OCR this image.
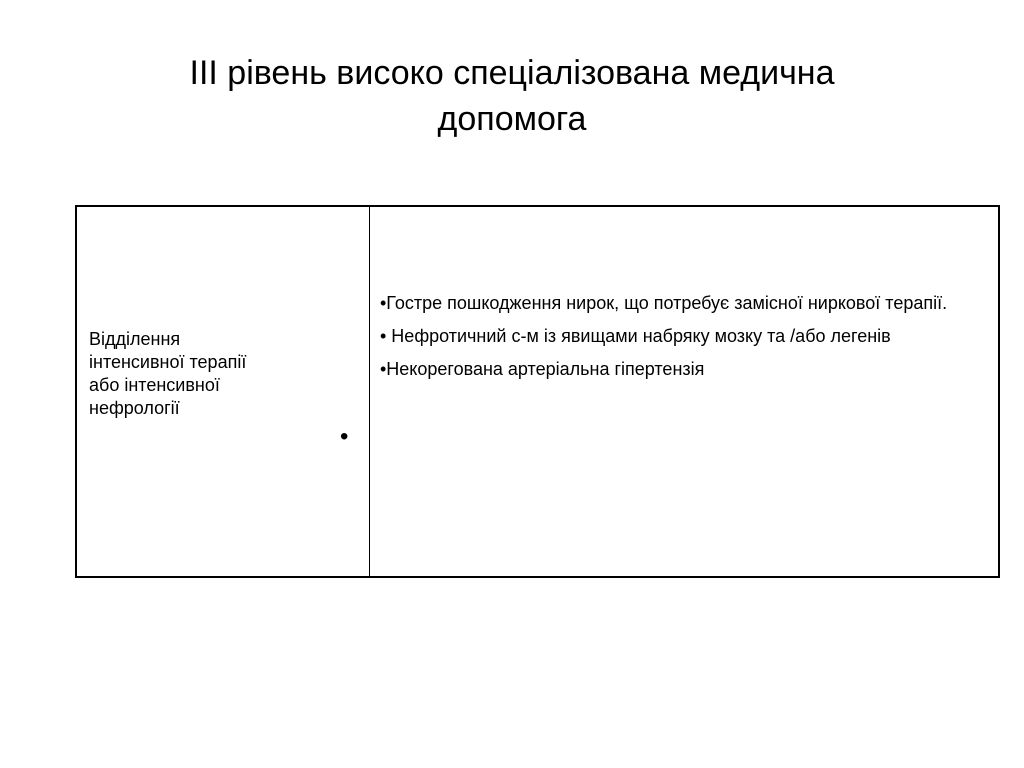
III рівень високо спеціалізована медична
допомога
Відділення
інтенсивної терапії
або інтенсивної
нефрології
•

•Гостре пошкодження нирок, що потребує замісної ниркової терапії.

• Нефротичний с-м із явищами набряку мозку та /або легенів

•Некорегована артеріальна гіпертензія
